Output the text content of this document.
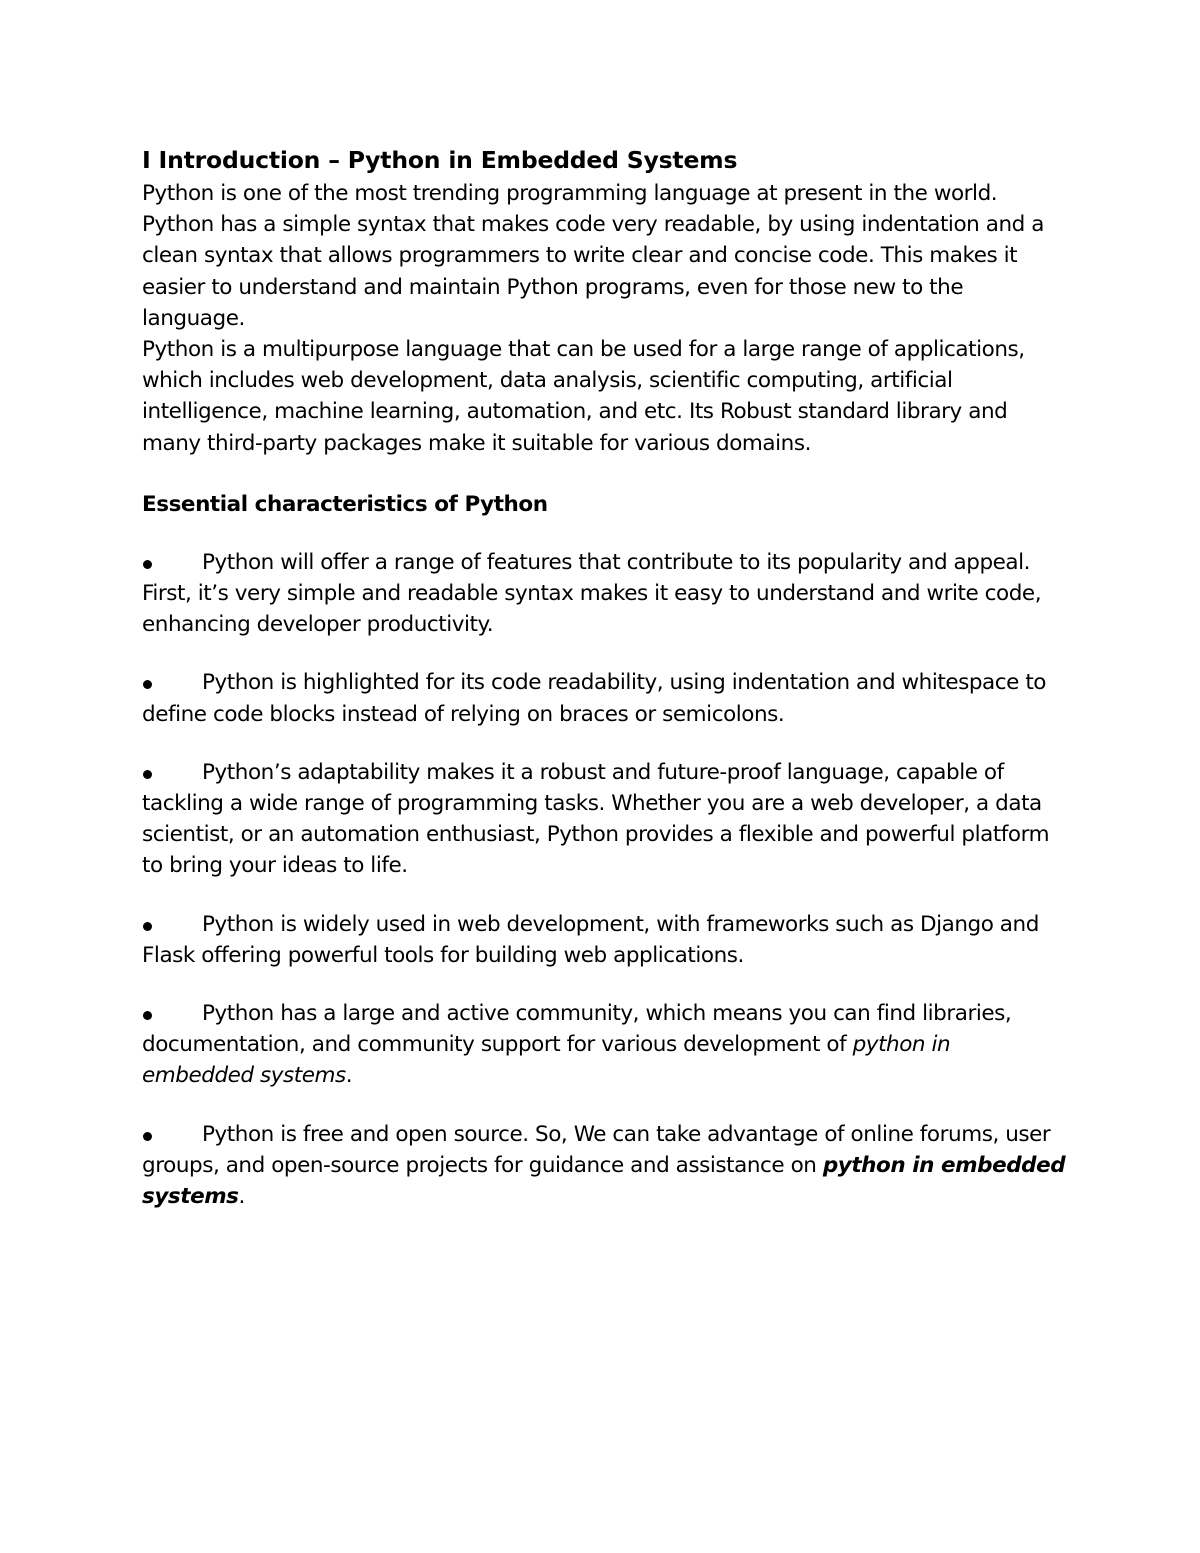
I Introduction – Python in Embedded Systems

Python is one of the most trending programming language at present in the world. Python has a simple syntax that makes code very readable, by using indentation and a clean syntax that allows programmers to write clear and concise code. This makes it easier to understand and maintain Python programs, even for those new to the language.

Python is a multipurpose language that can be used for a large range of applications, which includes web development, data analysis, scientific computing, artificial intelligence, machine learning, automation, and etc. Its Robust standard library and many third-party packages make it suitable for various domains.

Essential characteristics of Python
Python will offer a range of features that contribute to its popularity and appeal. First, it’s very simple and readable syntax makes it easy to understand and write code, enhancing developer productivity.
Python is highlighted for its code readability, using indentation and whitespace to define code blocks instead of relying on braces or semicolons.
Python’s adaptability makes it a robust and future-proof language, capable of tackling a wide range of programming tasks. Whether you are a web developer, a data scientist, or an automation enthusiast, Python provides a flexible and powerful platform to bring your ideas to life.
Python is widely used in web development, with frameworks such as Django and Flask offering powerful tools for building web applications.
Python has a large and active community, which means you can find libraries, documentation, and community support for various development of python in embedded systems.
Python is free and open source. So, We can take advantage of online forums, user groups, and open-source projects for guidance and assistance on python in embedded systems.
